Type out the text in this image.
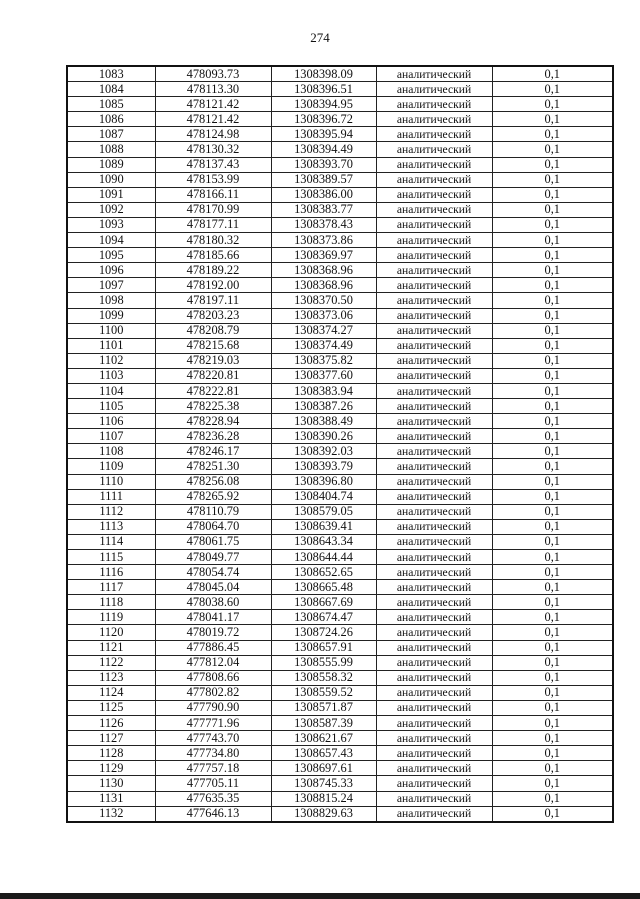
274
1083	478093.73	1308398.09	аналитический	0,1
1084	478113.30	1308396.51	аналитический	0,1
1085	478121.42	1308394.95	аналитический	0,1
1086	478121.42	1308396.72	аналитический	0,1
1087	478124.98	1308395.94	аналитический	0,1
1088	478130.32	1308394.49	аналитический	0,1
1089	478137.43	1308393.70	аналитический	0,1
1090	478153.99	1308389.57	аналитический	0,1
1091	478166.11	1308386.00	аналитический	0,1
1092	478170.99	1308383.77	аналитический	0,1
1093	478177.11	1308378.43	аналитический	0,1
1094	478180.32	1308373.86	аналитический	0,1
1095	478185.66	1308369.97	аналитический	0,1
1096	478189.22	1308368.96	аналитический	0,1
1097	478192.00	1308368.96	аналитический	0,1
1098	478197.11	1308370.50	аналитический	0,1
1099	478203.23	1308373.06	аналитический	0,1
1100	478208.79	1308374.27	аналитический	0,1
1101	478215.68	1308374.49	аналитический	0,1
1102	478219.03	1308375.82	аналитический	0,1
1103	478220.81	1308377.60	аналитический	0,1
1104	478222.81	1308383.94	аналитический	0,1
1105	478225.38	1308387.26	аналитический	0,1
1106	478228.94	1308388.49	аналитический	0,1
1107	478236.28	1308390.26	аналитический	0,1
1108	478246.17	1308392.03	аналитический	0,1
1109	478251.30	1308393.79	аналитический	0,1
1110	478256.08	1308396.80	аналитический	0,1
1111	478265.92	1308404.74	аналитический	0,1
1112	478110.79	1308579.05	аналитический	0,1
1113	478064.70	1308639.41	аналитический	0,1
1114	478061.75	1308643.34	аналитический	0,1
1115	478049.77	1308644.44	аналитический	0,1
1116	478054.74	1308652.65	аналитический	0,1
1117	478045.04	1308665.48	аналитический	0,1
1118	478038.60	1308667.69	аналитический	0,1
1119	478041.17	1308674.47	аналитический	0,1
1120	478019.72	1308724.26	аналитический	0,1
1121	477886.45	1308657.91	аналитический	0,1
1122	477812.04	1308555.99	аналитический	0,1
1123	477808.66	1308558.32	аналитический	0,1
1124	477802.82	1308559.52	аналитический	0,1
1125	477790.90	1308571.87	аналитический	0,1
1126	477771.96	1308587.39	аналитический	0,1
1127	477743.70	1308621.67	аналитический	0,1
1128	477734.80	1308657.43	аналитический	0,1
1129	477757.18	1308697.61	аналитический	0,1
1130	477705.11	1308745.33	аналитический	0,1
1131	477635.35	1308815.24	аналитический	0,1
1132	477646.13	1308829.63	аналитический	0,1
